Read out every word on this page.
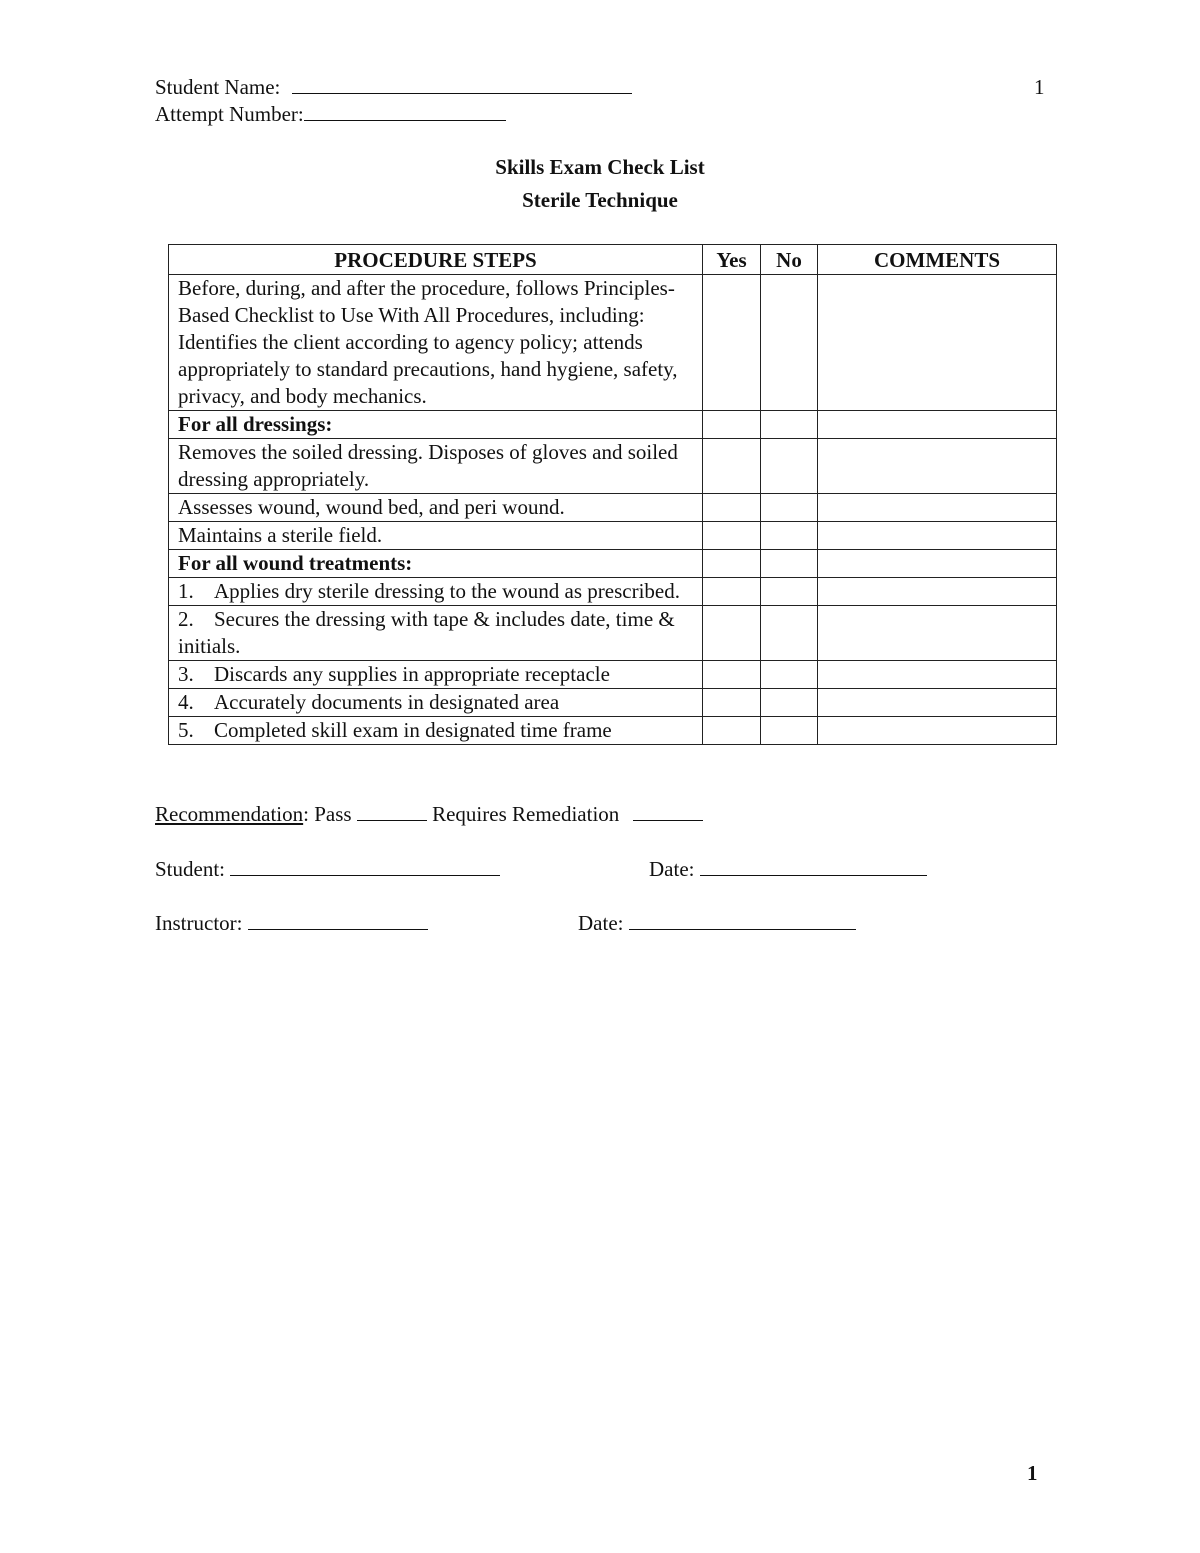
Student Name:	1
Attempt Number:
Skills Exam Check List
Sterile Technique
PROCEDURE STEPS	Yes	No	COMMENTS
Before, during, and after the procedure, follows Principles-Based Checklist to Use With All Procedures, including: Identifies the client according to agency policy; attends appropriately to standard precautions, hand hygiene, safety, privacy, and body mechanics.			
For all dressings:			
Removes the soiled dressing. Disposes of gloves and soiled dressing appropriately.			
Assesses wound, wound bed, and peri wound.			
Maintains a sterile field.			
For all wound treatments:			
1. Applies dry sterile dressing to the wound as prescribed.			
2. Secures the dressing with tape & includes date, time & initials.			
3. Discards any supplies in appropriate receptacle			
4. Accurately documents in designated area			
5. Completed skill exam in designated time frame			
Recommendation: Pass	Requires Remediation
Student:	Date:
Instructor:	Date:
1
